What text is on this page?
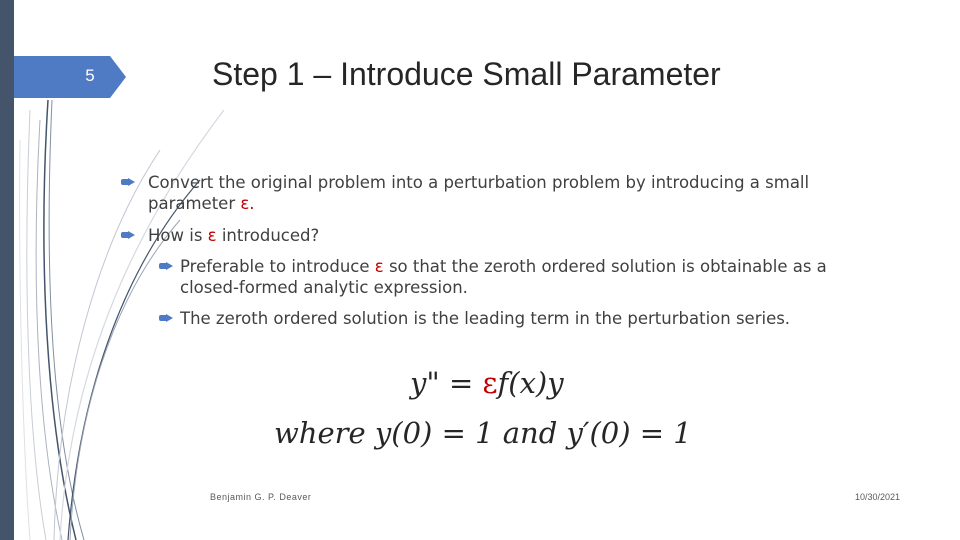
5	Step 1 – Introduce Small Parameter
Convert the original problem into a perturbation problem by introducing a small parameter ε.
How is ε introduced?
Preferable to introduce ε so that the zeroth ordered solution is obtainable as a closed-formed analytic expression.
The zeroth ordered solution is the leading term in the perturbation series.
y" = εf(x)y
where y(0) = 1 and y′(0) = 1
Benjamin G. P. Deaver	10/30/2021
